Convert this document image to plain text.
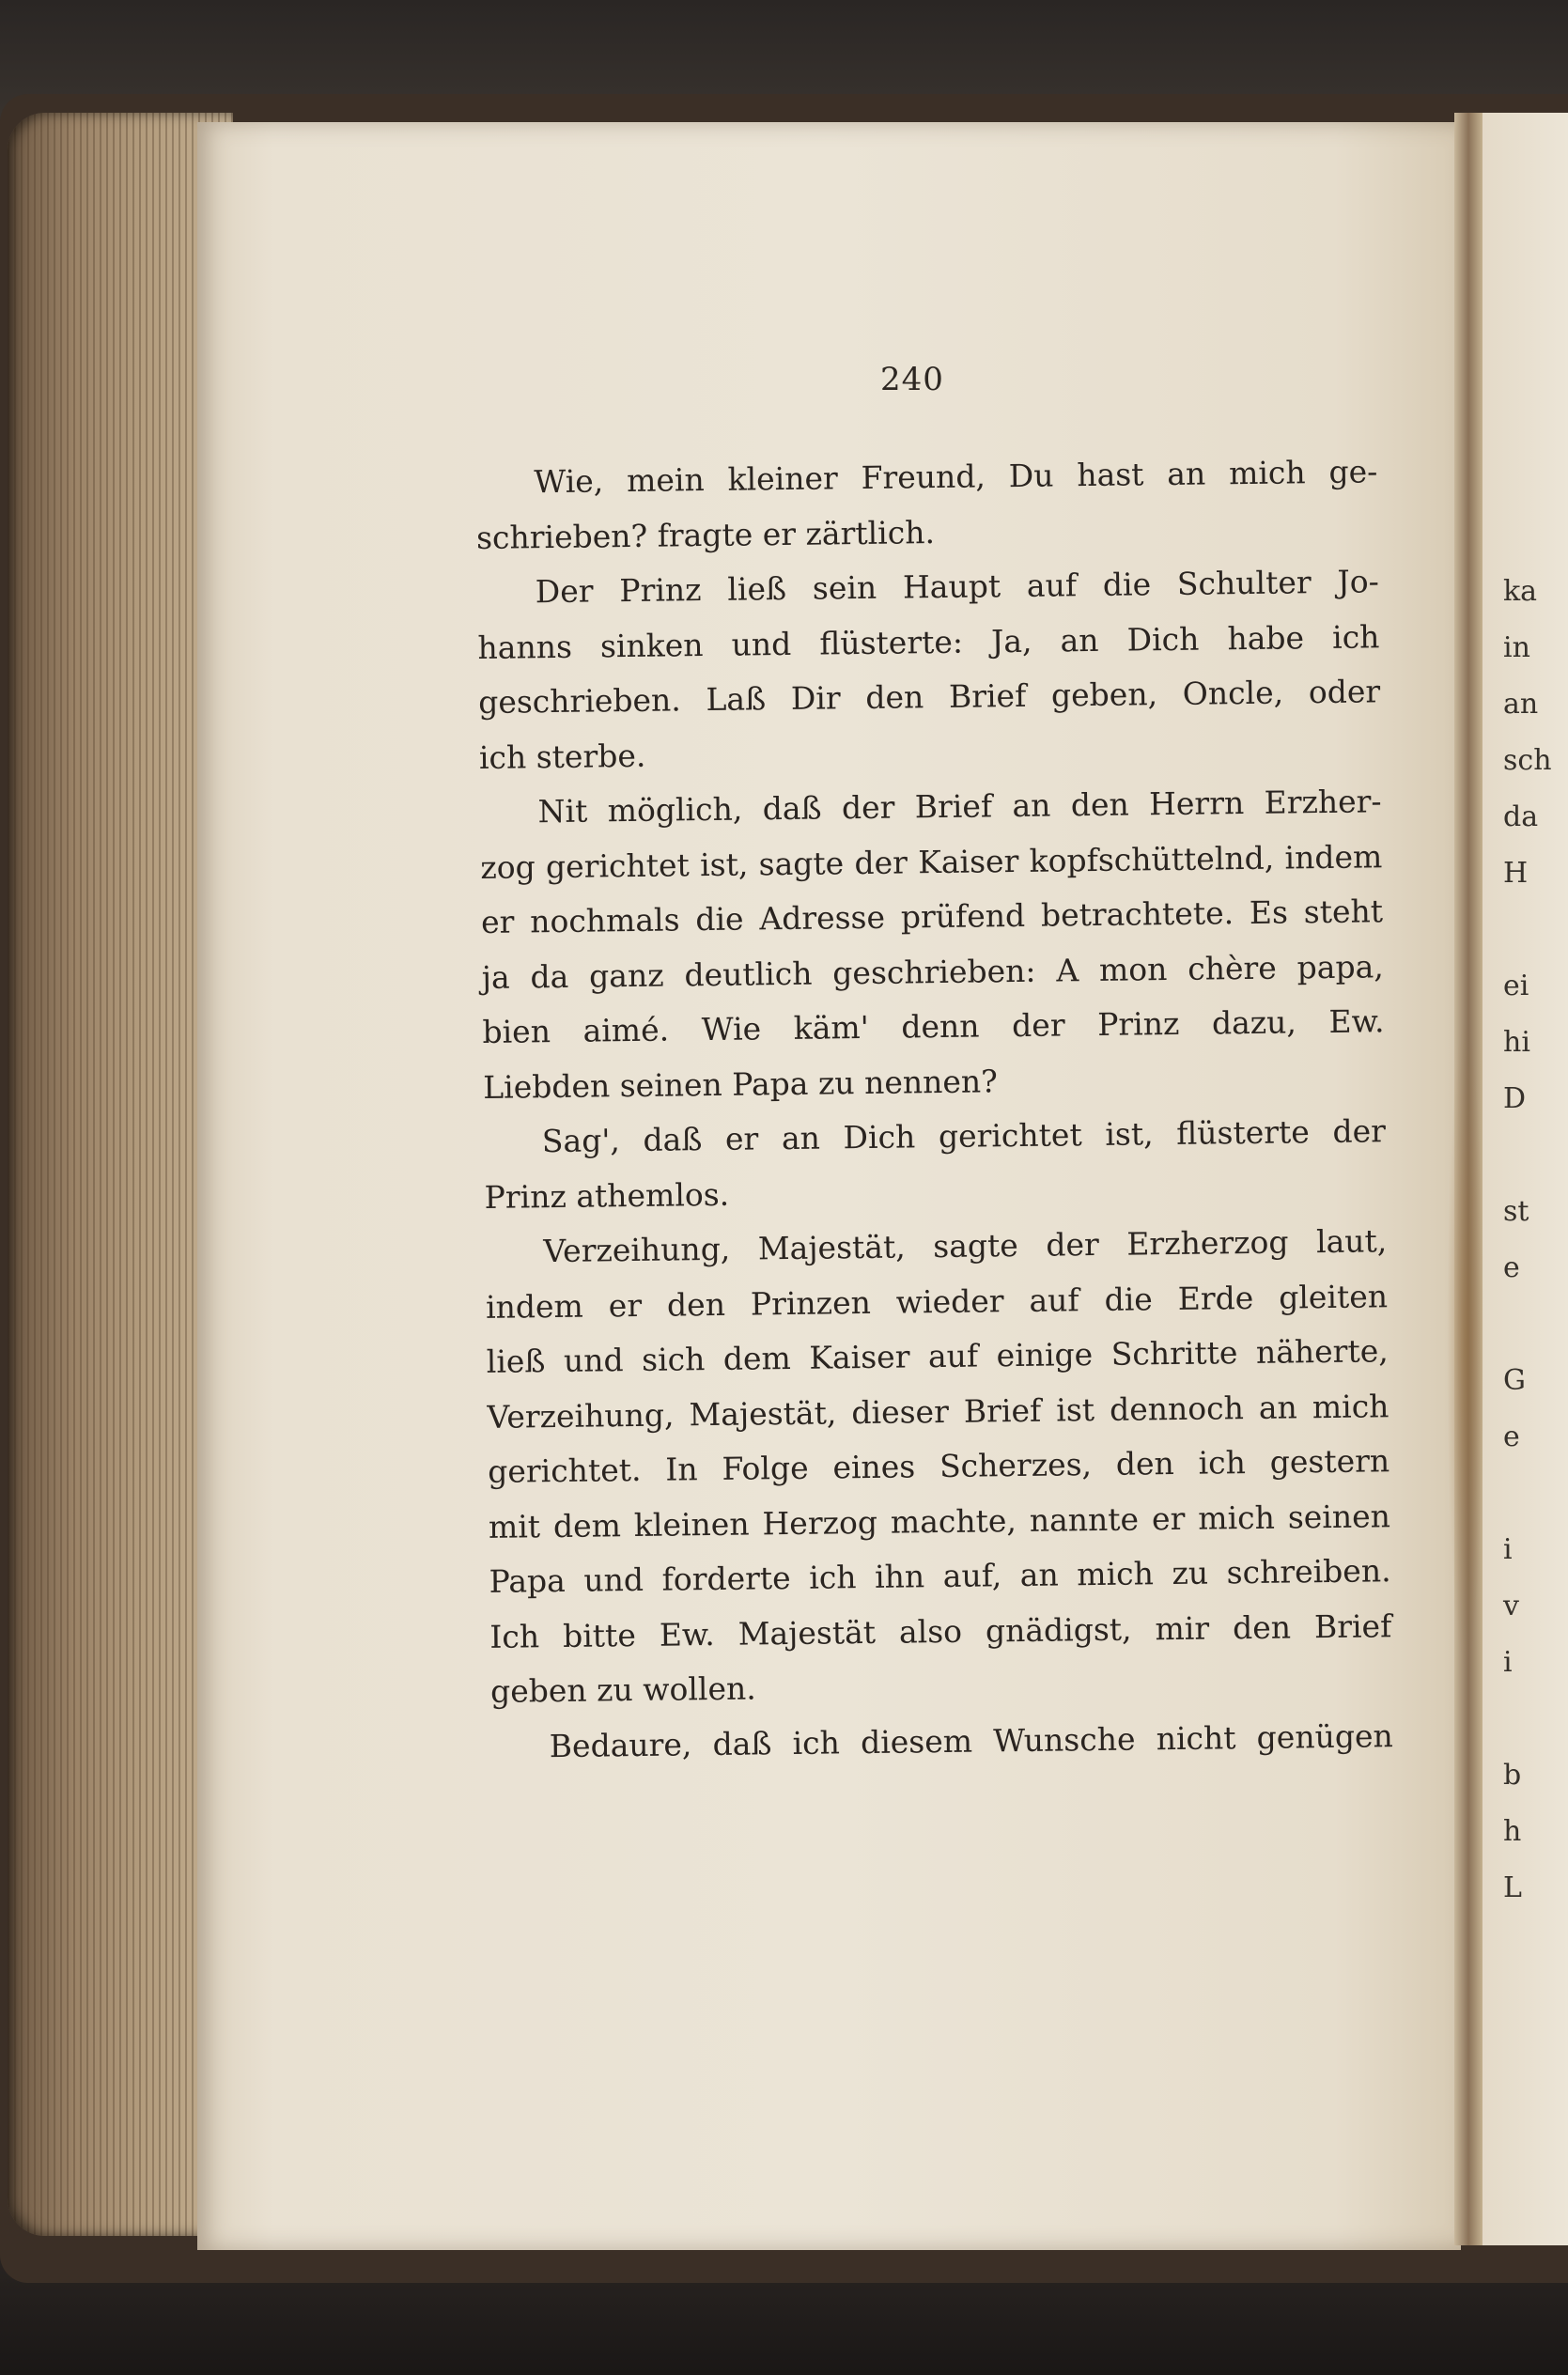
ka
in
an
sch
da
H
ei
hi
D
st
e
G
e
i
v
i
b
h
L
240
Wie, mein kleiner Freund, Du hast an mich ge-
schrieben? fragte er zärtlich.
Der Prinz ließ sein Haupt auf die Schulter Jo-
hanns sinken und flüsterte: Ja, an Dich habe ich
geschrieben. Laß Dir den Brief geben, Oncle, oder
ich sterbe.
Nit möglich, daß der Brief an den Herrn Erzher-
zog gerichtet ist, sagte der Kaiser kopfschüttelnd, indem
er nochmals die Adresse prüfend betrachtete. Es steht
ja da ganz deutlich geschrieben: A mon chère papa,
bien aimé. Wie käm' denn der Prinz dazu, Ew.
Liebden seinen Papa zu nennen?
Sag', daß er an Dich gerichtet ist, flüsterte der
Prinz athemlos.
Verzeihung, Majestät, sagte der Erzherzog laut,
indem er den Prinzen wieder auf die Erde gleiten
ließ und sich dem Kaiser auf einige Schritte näherte,
Verzeihung, Majestät, dieser Brief ist dennoch an mich
gerichtet. In Folge eines Scherzes, den ich gestern
mit dem kleinen Herzog machte, nannte er mich seinen
Papa und forderte ich ihn auf, an mich zu schreiben.
Ich bitte Ew. Majestät also gnädigst, mir den Brief
geben zu wollen.
Bedaure, daß ich diesem Wunsche nicht genügen
